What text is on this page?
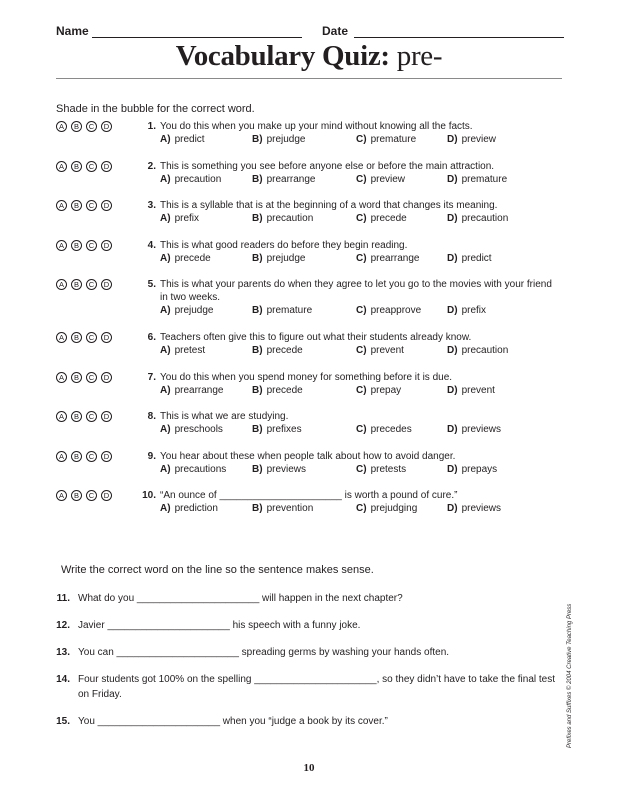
Name	Date
Vocabulary Quiz: pre-
Shade in the bubble for the correct word.
A	B	C	D	1. You do this when you make up your mind without knowing all the facts.
A) predict	B) prejudge	C) premature	D) preview
A	B	C	D	2. This is something you see before anyone else or before the main attraction.
A) precaution	B) prearrange	C) preview	D) premature
A	B	C	D	3. This is a syllable that is at the beginning of a word that changes its meaning.
A) prefix	B) precaution	C) precede	D) precaution
A	B	C	D	4. This is what good readers do before they begin reading.
A) precede	B) prejudge	C) prearrange	D) predict
A	B	C	D	5. This is what your parents do when they agree to let you go to the movies with your friend in two weeks.
A) prejudge	B) premature	C) preapprove	D) prefix
A	B	C	D	6. Teachers often give this to figure out what their students already know.
A) pretest	B) precede	C) prevent	D) precaution
A	B	C	D	7. You do this when you spend money for something before it is due.
A) prearrange	B) precede	C) prepay	D) prevent
A	B	C	D	8. This is what we are studying.
A) preschools	B) prefixes	C) precedes	D) previews
A	B	C	D	9. You hear about these when people talk about how to avoid danger.
A) precautions	B) previews	C) pretests	D) prepays
A	B	C	D	10. “An ounce of ______________________ is worth a pound of cure.”
A) prediction	B) prevention	C) prejudging	D) previews
Write the correct word on the line so the sentence makes sense.
11. What do you ______________________ will happen in the next chapter?
12. Javier ______________________ his speech with a funny joke.
13. You can ______________________ spreading germs by washing your hands often.
14. Four students got 100% on the spelling ______________________, so they didn’t have to take the final test on Friday.
15. You ______________________ when you “judge a book by its cover.”	Prefixes and Suffixes © 2004 Creative Teaching Press
10
